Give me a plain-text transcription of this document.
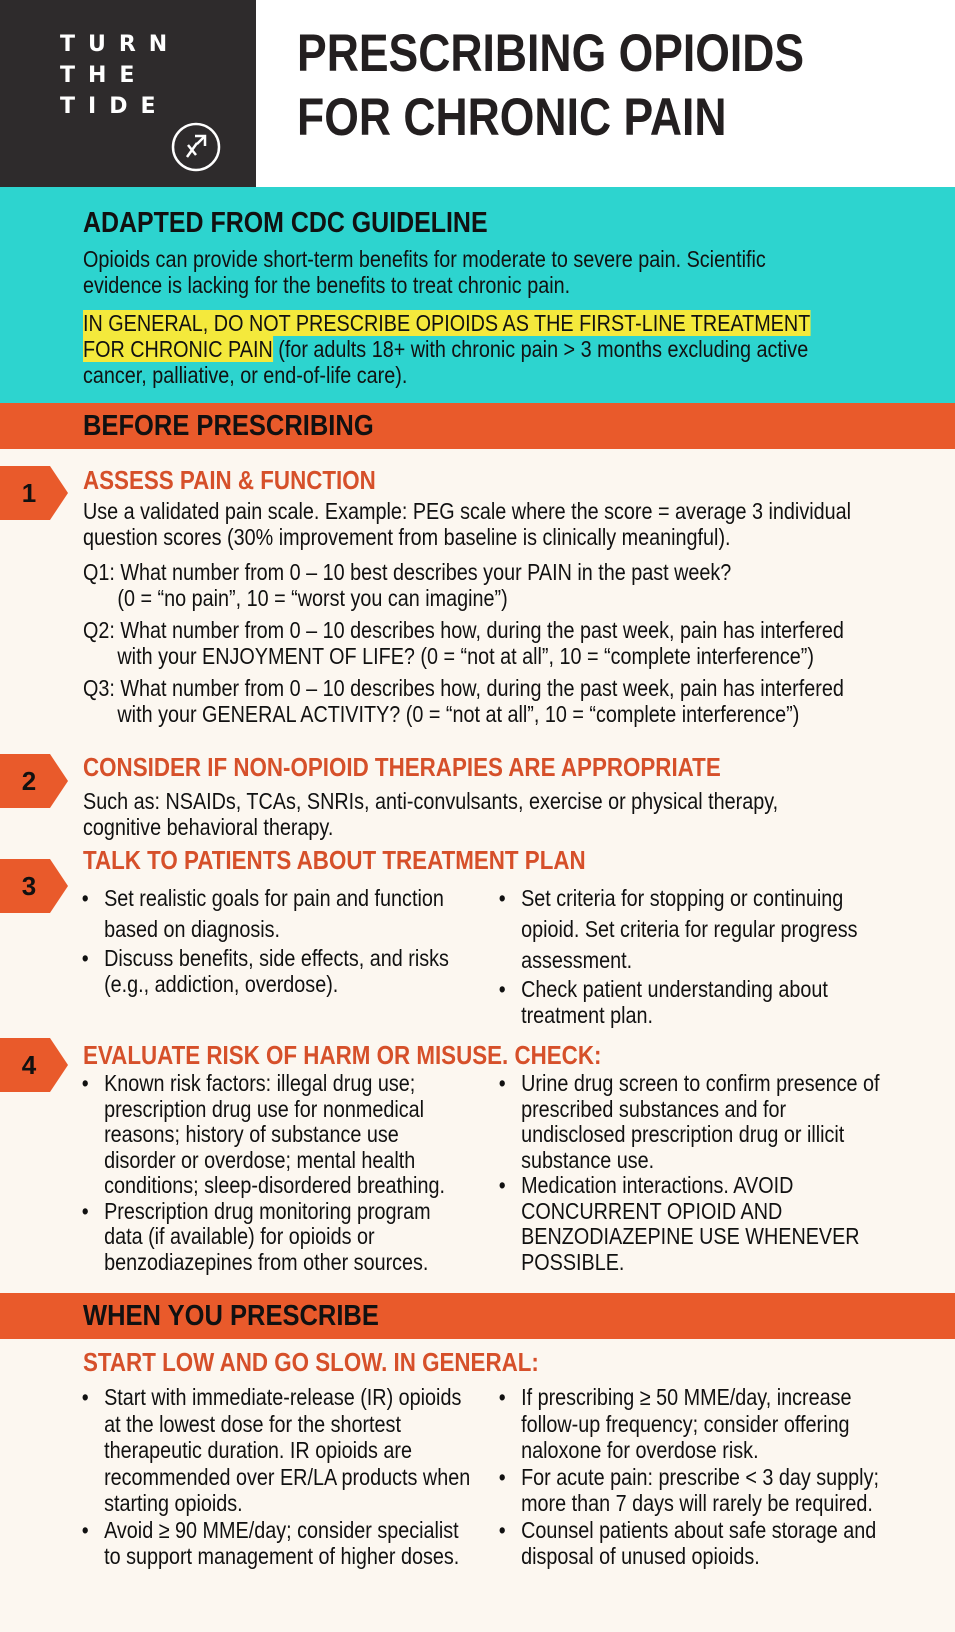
TURN
THE
TIDE
PRESCRIBING OPIOIDS
FOR CHRONIC PAIN
ADAPTED FROM CDC GUIDELINE

Opioids can provide short-term benefits for moderate to severe pain. Scientific evidence is lacking for the benefits to treat chronic pain.

IN GENERAL, DO NOT PRESCRIBE OPIOIDS AS THE FIRST-LINE TREATMENT FOR CHRONIC PAIN (for adults 18+ with chronic pain > 3 months excluding active cancer, palliative, or end-of-life care).

BEFORE PRESCRIBING
1	ASSESS PAIN & FUNCTION
Use a validated pain scale. Example: PEG scale where the score = average 3 individual question scores (30% improvement from baseline is clinically meaningful).
Q1: What number from 0 – 10 best describes your PAIN in the past week?
(0 = “no pain”, 10 = “worst you can imagine”)
Q2: What number from 0 – 10 describes how, during the past week, pain has interfered
with your ENJOYMENT OF LIFE? (0 = “not at all”, 10 = “complete interference”)
Q3: What number from 0 – 10 describes how, during the past week, pain has interfered
with your GENERAL ACTIVITY? (0 = “not at all”, 10 = “complete interference”)
2	CONSIDER IF NON-OPIOID THERAPIES ARE APPROPRIATE
Such as: NSAIDs, TCAs, SNRIs, anti-convulsants, exercise or physical therapy, cognitive behavioral therapy.
3
TALK TO PATIENTS ABOUT TREATMENT PLAN
• Set realistic goals for pain and function based on diagnosis.
• Discuss benefits, side effects, and risks (e.g., addiction, overdose).
• Set criteria for stopping or continuing opioid. Set criteria for regular progress assessment.
• Check patient understanding about treatment plan.
4	EVALUATE RISK OF HARM OR MISUSE. CHECK:
• Known risk factors: illegal drug use; prescription drug use for nonmedical reasons; history of substance use disorder or overdose; mental health conditions; sleep-disordered breathing.
• Prescription drug monitoring program data (if available) for opioids or benzodiazepines from other sources.
• Urine drug screen to confirm presence of prescribed substances and for undisclosed prescription drug or illicit substance use.
• Medication interactions. AVOID CONCURRENT OPIOID AND BENZODIAZEPINE USE WHENEVER POSSIBLE.
WHEN YOU PRESCRIBE
START LOW AND GO SLOW. IN GENERAL:
• Start with immediate-release (IR) opioids at the lowest dose for the shortest therapeutic duration. IR opioids are recommended over ER/LA products when starting opioids.
• Avoid ≥ 90 MME/day; consider specialist to support management of higher doses.
• If prescribing ≥ 50 MME/day, increase follow-up frequency; consider offering naloxone for overdose risk.
• For acute pain: prescribe < 3 day supply; more than 7 days will rarely be required.
• Counsel patients about safe storage and disposal of unused opioids.
